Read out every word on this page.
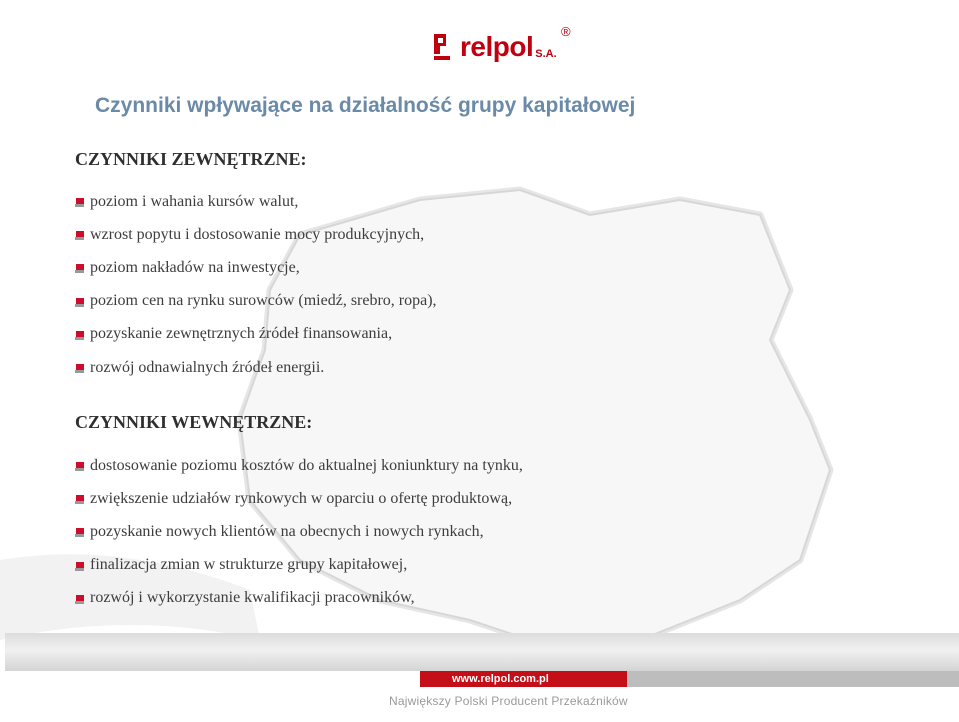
relpol S.A.
®
Czynniki wpływające na działalność grupy kapitałowej
CZYNNIKI ZEWNĘTRZNE:
poziom i wahania kursów walut,
wzrost popytu i dostosowanie mocy produkcyjnych,
poziom nakładów na inwestycje,
poziom cen na rynku surowców (miedź, srebro, ropa),
pozyskanie zewnętrznych źródeł finansowania,
rozwój odnawialnych źródeł energii.
CZYNNIKI WEWNĘTRZNE:
dostosowanie poziomu kosztów do aktualnej koniunktury na tynku,
zwiększenie udziałów rynkowych w oparciu o ofertę produktową,
pozyskanie nowych klientów na obecnych i nowych rynkach,
finalizacja zmian w strukturze grupy kapitałowej,
rozwój i wykorzystanie kwalifikacji pracowników,
www.relpol.com.pl
Największy Polski Producent Przekaźników
